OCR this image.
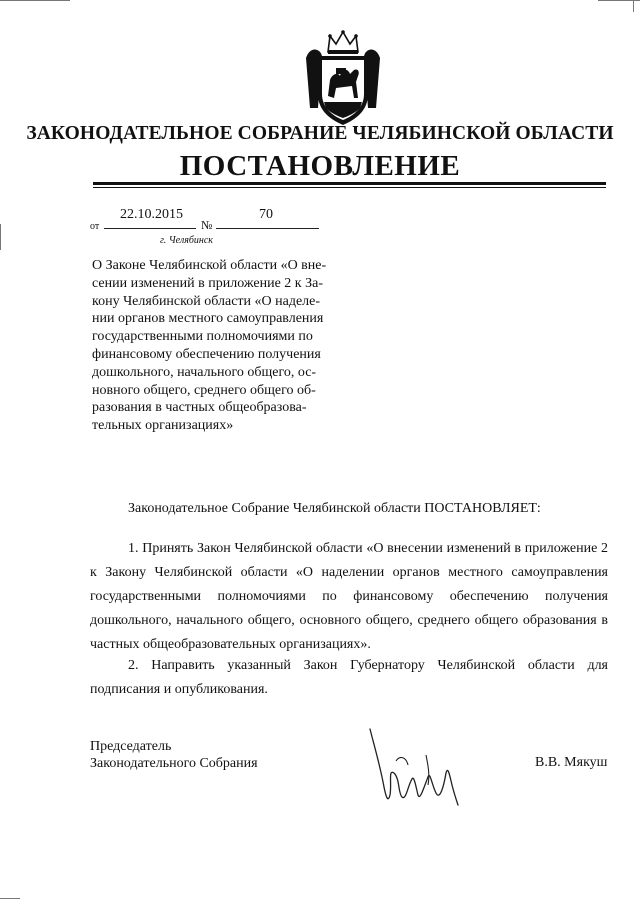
ЗАКОНОДАТЕЛЬНОЕ СОБРАНИЕ ЧЕЛЯБИНСКОЙ ОБЛАСТИ
ПОСТАНОВЛЕНИЕ
22.10.2015	70
от	№
г. Челябинск
О Законе Челябинской области «О вне-
сении изменений в приложение 2 к За-
кону Челябинской области «О наделе-
нии органов местного самоуправления
государственными полномочиями по
финансовому обеспечению получения
дошкольного, начального общего, ос-
новного общего, среднего общего об-
разования в частных общеобразова-
тельных организациях»
Законодательное Собрание Челябинской области ПОСТАНОВЛЯЕТ:
1. Принять Закон Челябинской области «О внесении изменений в приложение 2 к Закону Челябинской области «О наделении органов местного самоуправления государственными полномочиями по финансовому обеспечению получения дошкольного, начального общего, основного общего, среднего общего образования в частных общеобразовательных организациях».
2. Направить указанный Закон Губернатору Челябинской области для подписания и опубликования.
Председатель
Законодательного Собрания	В.В. Мякуш
